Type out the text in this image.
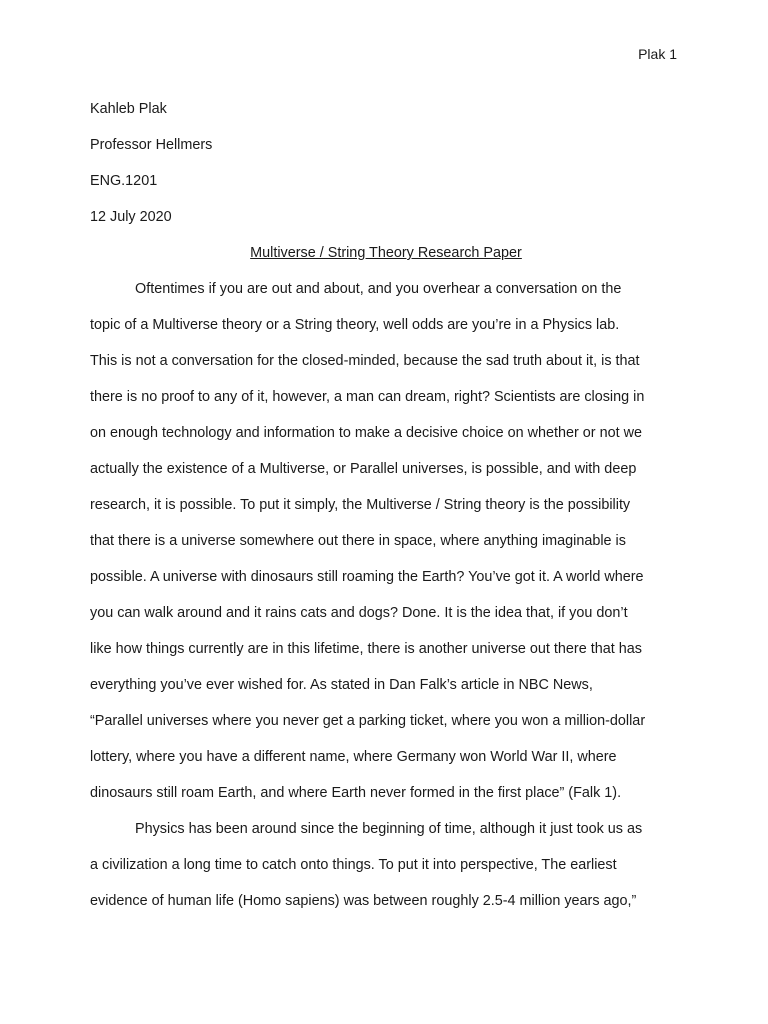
Plak 1
Kahleb Plak
Professor Hellmers
ENG.1201
12 July 2020
Multiverse / String Theory Research Paper
Oftentimes if you are out and about, and you overhear a conversation on the
topic of a Multiverse theory or a String theory, well odds are you’re in a Physics lab.
This is not a conversation for the closed-minded, because the sad truth about it, is that
there is no proof to any of it, however, a man can dream, right? Scientists are closing in
on enough technology and information to make a decisive choice on whether or not we
actually the existence of a Multiverse, or Parallel universes, is possible, and with deep
research, it is possible. To put it simply, the Multiverse / String theory is the possibility
that there is a universe somewhere out there in space, where anything imaginable is
possible. A universe with dinosaurs still roaming the Earth? You’ve got it. A world where
you can walk around and it rains cats and dogs? Done. It is the idea that, if you don’t
like how things currently are in this lifetime, there is another universe out there that has
everything you’ve ever wished for. As stated in Dan Falk’s article in NBC News,
“Parallel universes where you never get a parking ticket, where you won a million-dollar
lottery, where you have a different name, where Germany won World War II, where
dinosaurs still roam Earth, and where Earth never formed in the first place” (Falk 1).
Physics has been around since the beginning of time, although it just took us as
a civilization a long time to catch onto things. To put it into perspective, The earliest
evidence of human life (Homo sapiens) was between roughly 2.5-4 million years ago,”
